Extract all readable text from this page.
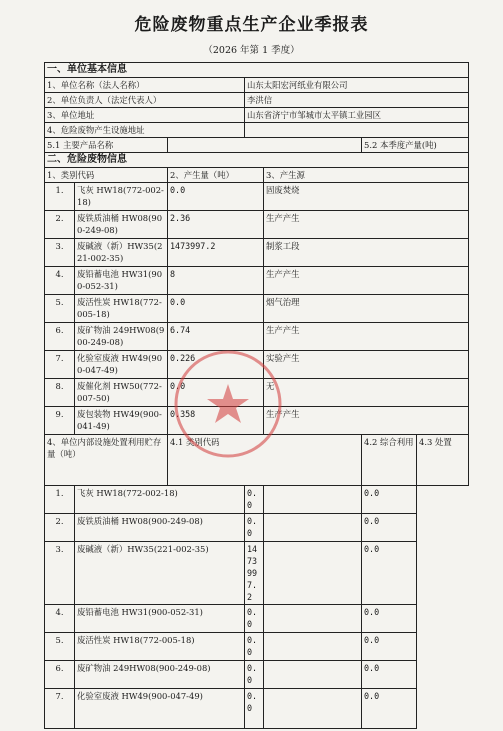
危险废物重点生产企业季报表
（2026 年第 1 季度）
一、单位基本信息							
1、单位名称（法人名称）			山东太阳宏河纸业有限公司				
2、单位负责人（法定代表人）			李洪信				
3、单位地址			山东省济宁市邹城市太平镇工业园区				
4、危险废物产生设施地址							
5.1 主要产品名称					5.2 本季度产量(吨)		
二、危险废物信息							
1、类别代码		2、产生量（吨）		3、产生源			
1.	飞灰 HW18(772-002-18)	0.0		固废焚烧			
2.	废铁质油桶 HW08(900-249-08)	2.36		生产产生			
3.	废碱液（新）HW35(221-002-35)	1473997.2		制浆工段			
4.	废铅蓄电池 HW31(900-052-31)	8		生产产生			
5.	废活性炭 HW18(772-005-18)	0.0		烟气治理			
6.	废矿物油 249HW08(900-249-08)	6.74		生产产生			
7.	化验室废液 HW49(900-047-49)	0.226		实验产生			
8.	废催化剂 HW50(772-007-50)	0.0		无			
9.	废包装物 HW49(900-041-49)	0.358		生产产生			
4、单位内部设施处置利用贮存量（吨）		4.1 类别代码			4.2 综合利用	4.3 处置	
1.	飞灰 HW18(772-002-18)		0.0		0.0		
2.	废铁质油桶 HW08(900-249-08)		0.0		0.0		
3.	废碱液（新）HW35(221-002-35)		1473997.2		0.0		
4.	废铅蓄电池 HW31(900-052-31)		0.0		0.0		
5.	废活性炭 HW18(772-005-18)		0.0		0.0		
6.	废矿物油 249HW08(900-249-08)		0.0		0.0		
7.	化验室废液 HW49(900-047-49)		0.0		0.0		
